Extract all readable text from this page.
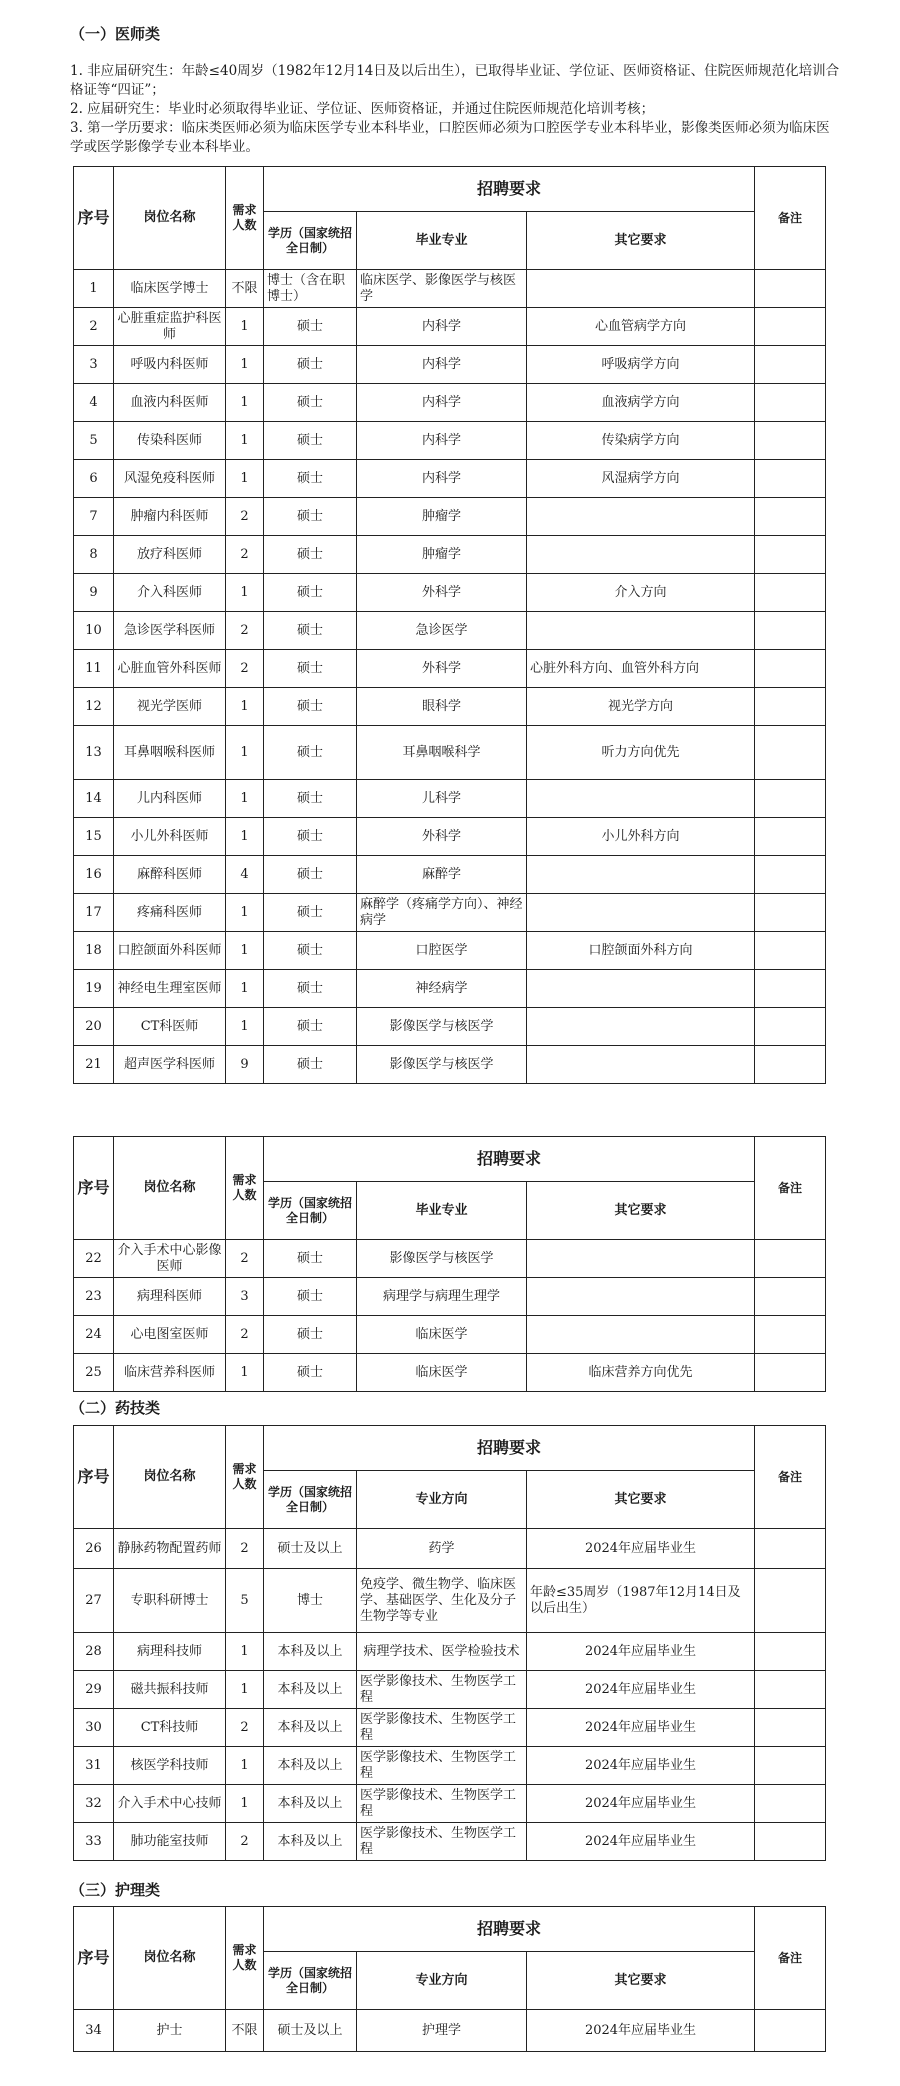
（一）医师类

1. 非应届研究生：年龄≤40周岁（1982年12月14日及以后出生），已取得毕业证、学位证、医师资格证、住院医师规范化培训合格证等“四证”；

2. 应届研究生：毕业时必须取得毕业证、学位证、医师资格证，并通过住院医师规范化培训考核；

3. 第一学历要求：临床类医师必须为临床医学专业本科毕业，口腔医师必须为口腔医学专业本科毕业，影像类医师必须为临床医学或医学影像学专业本科毕业。

序号	岗位名称	需求人数	招聘要求			备注
			学历（国家统招全日制）	毕业专业	其它要求	
1	临床医学博士	不限	博士（含在职博士）	临床医学、影像医学与核医学		
2	心脏重症监护科医师	1	硕士	内科学	心血管病学方向	
3	呼吸内科医师	1	硕士	内科学	呼吸病学方向	
4	血液内科医师	1	硕士	内科学	血液病学方向	
5	传染科医师	1	硕士	内科学	传染病学方向	
6	风湿免疫科医师	1	硕士	内科学	风湿病学方向	
7	肿瘤内科医师	2	硕士	肿瘤学		
8	放疗科医师	2	硕士	肿瘤学		
9	介入科医师	1	硕士	外科学	介入方向	
10	急诊医学科医师	2	硕士	急诊医学		
11	心脏血管外科医师	2	硕士	外科学	心脏外科方向、血管外科方向	
12	视光学医师	1	硕士	眼科学	视光学方向	
13	耳鼻咽喉科医师	1	硕士	耳鼻咽喉科学	听力方向优先	
14	儿内科医师	1	硕士	儿科学		
15	小儿外科医师	1	硕士	外科学	小儿外科方向	
16	麻醉科医师	4	硕士	麻醉学		
17	疼痛科医师	1	硕士	麻醉学（疼痛学方向）、神经病学		
18	口腔颌面外科医师	1	硕士	口腔医学	口腔颌面外科方向	
19	神经电生理室医师	1	硕士	神经病学		
20	CT科医师	1	硕士	影像医学与核医学		
21	超声医学科医师	9	硕士	影像医学与核医学		
序号	岗位名称	需求人数	招聘要求			备注
			学历（国家统招全日制）	毕业专业	其它要求	
22	介入手术中心影像医师	2	硕士	影像医学与核医学		
23	病理科医师	3	硕士	病理学与病理生理学		
24	心电图室医师	2	硕士	临床医学		
25	临床营养科医师	1	硕士	临床医学	临床营养方向优先	
（二）药技类
序号	岗位名称	需求人数	招聘要求			备注
			学历（国家统招全日制）	专业方向	其它要求	
26	静脉药物配置药师	2	硕士及以上	药学	2024年应届毕业生	
27	专职科研博士	5	博士	免疫学、微生物学、临床医学、基础医学、生化及分子生物学等专业	年龄≤35周岁（1987年12月14日及以后出生）	
28	病理科技师	1	本科及以上	病理学技术、医学检验技术	2024年应届毕业生	
29	磁共振科技师	1	本科及以上	医学影像技术、生物医学工程	2024年应届毕业生	
30	CT科技师	2	本科及以上	医学影像技术、生物医学工程	2024年应届毕业生	
31	核医学科技师	1	本科及以上	医学影像技术、生物医学工程	2024年应届毕业生	
32	介入手术中心技师	1	本科及以上	医学影像技术、生物医学工程	2024年应届毕业生	
33	肺功能室技师	2	本科及以上	医学影像技术、生物医学工程	2024年应届毕业生	
（三）护理类
序号	岗位名称	需求人数	招聘要求			备注
			学历（国家统招全日制）	专业方向	其它要求	
34	护士	不限	硕士及以上	护理学	2024年应届毕业生	
